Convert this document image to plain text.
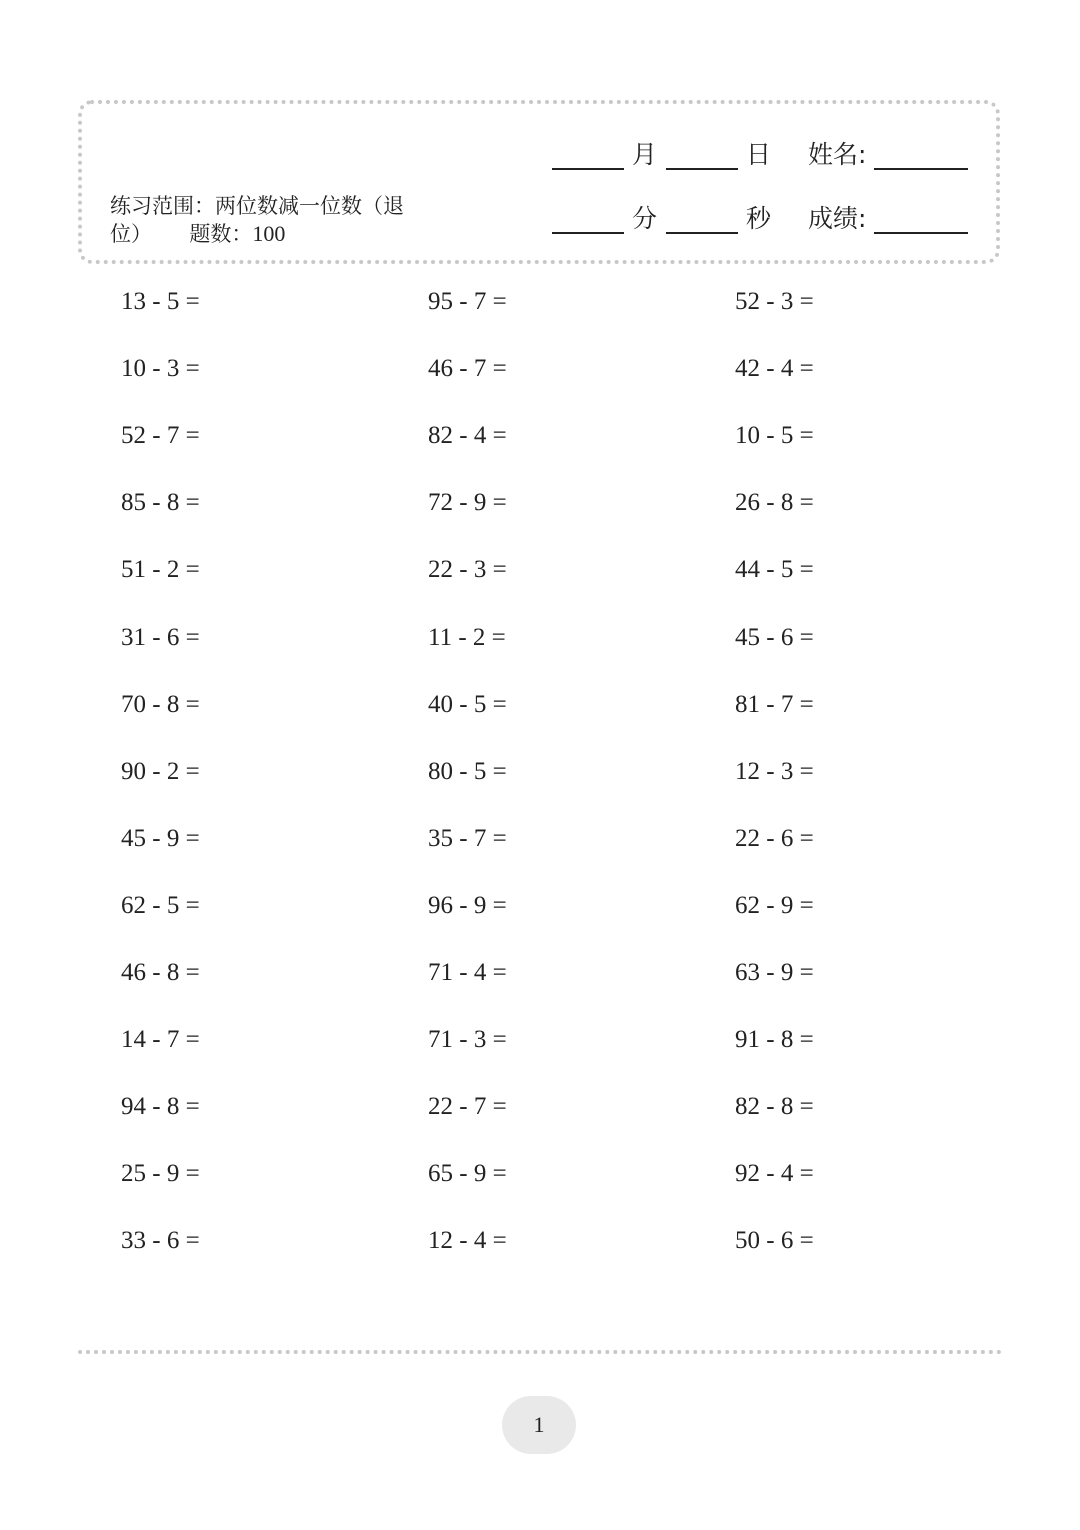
练习范围：两位数减一位数（退位） 题数：100
月	日 姓名:
分	秒 成绩:
13 - 5 =	95 - 7 =	52 - 3 =
10 - 3 =	46 - 7 =	42 - 4 =
52 - 7 =	82 - 4 =	10 - 5 =
85 - 8 =	72 - 9 =	26 - 8 =
51 - 2 =	22 - 3 =	44 - 5 =
31 - 6 =	11 - 2 =	45 - 6 =
70 - 8 =	40 - 5 =	81 - 7 =
90 - 2 =	80 - 5 =	12 - 3 =
45 - 9 =	35 - 7 =	22 - 6 =
62 - 5 =	96 - 9 =	62 - 9 =
46 - 8 =	71 - 4 =	63 - 9 =
14 - 7 =	71 - 3 =	91 - 8 =
94 - 8 =	22 - 7 =	82 - 8 =
25 - 9 =	65 - 9 =	92 - 4 =
33 - 6 =	12 - 4 =	50 - 6 =
1
